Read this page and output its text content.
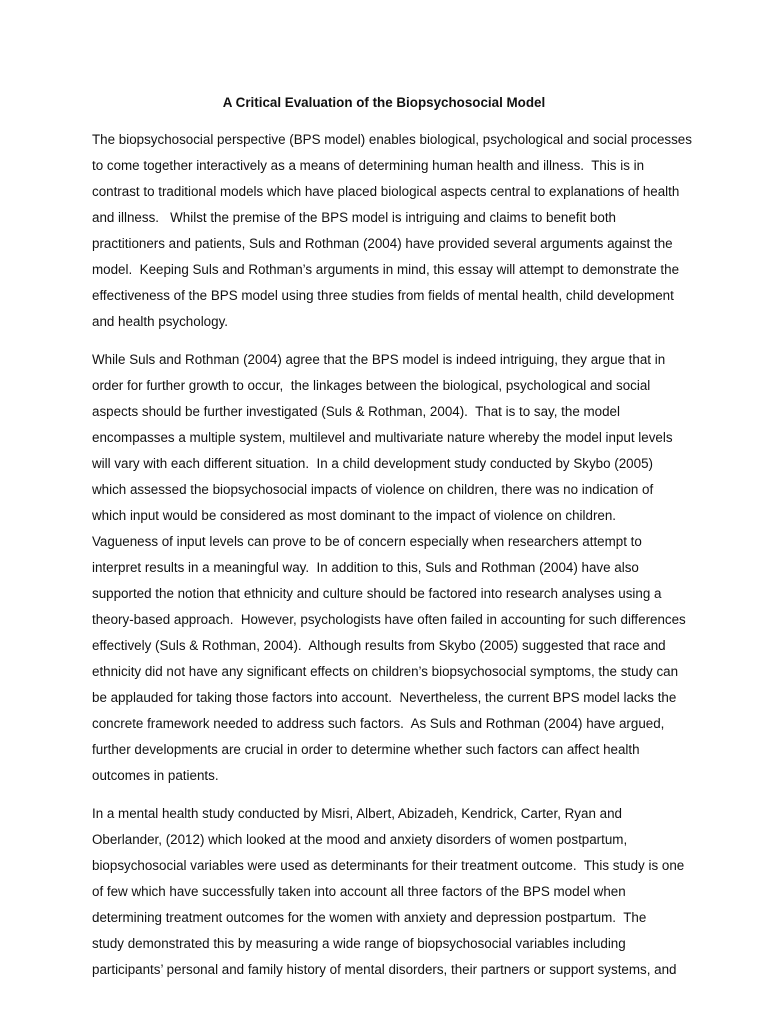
A Critical Evaluation of the Biopsychosocial Model

The biopsychosocial perspective (BPS model) enables biological, psychological and social processes
to come together interactively as a means of determining human health and illness.  This is in
contrast to traditional models which have placed biological aspects central to explanations of health
and illness.   Whilst the premise of the BPS model is intriguing and claims to benefit both
practitioners and patients, Suls and Rothman (2004) have provided several arguments against the
model.  Keeping Suls and Rothman’s arguments in mind, this essay will attempt to demonstrate the
effectiveness of the BPS model using three studies from fields of mental health, child development
and health psychology.

While Suls and Rothman (2004) agree that the BPS model is indeed intriguing, they argue that in
order for further growth to occur,  the linkages between the biological, psychological and social
aspects should be further investigated (Suls & Rothman, 2004).  That is to say, the model
encompasses a multiple system, multilevel and multivariate nature whereby the model input levels
will vary with each different situation.  In a child development study conducted by Skybo (2005)
which assessed the biopsychosocial impacts of violence on children, there was no indication of
which input would be considered as most dominant to the impact of violence on children.
Vagueness of input levels can prove to be of concern especially when researchers attempt to
interpret results in a meaningful way.  In addition to this, Suls and Rothman (2004) have also
supported the notion that ethnicity and culture should be factored into research analyses using a
theory-based approach.  However, psychologists have often failed in accounting for such differences
effectively (Suls & Rothman, 2004).  Although results from Skybo (2005) suggested that race and
ethnicity did not have any significant effects on children’s biopsychosocial symptoms, the study can
be applauded for taking those factors into account.  Nevertheless, the current BPS model lacks the
concrete framework needed to address such factors.  As Suls and Rothman (2004) have argued,
further developments are crucial in order to determine whether such factors can affect health
outcomes in patients.

In a mental health study conducted by Misri, Albert, Abizadeh, Kendrick, Carter, Ryan and
Oberlander, (2012) which looked at the mood and anxiety disorders of women postpartum,
biopsychosocial variables were used as determinants for their treatment outcome.  This study is one
of few which have successfully taken into account all three factors of the BPS model when
determining treatment outcomes for the women with anxiety and depression postpartum.  The
study demonstrated this by measuring a wide range of biopsychosocial variables including
participants’ personal and family history of mental disorders, their partners or support systems, and
